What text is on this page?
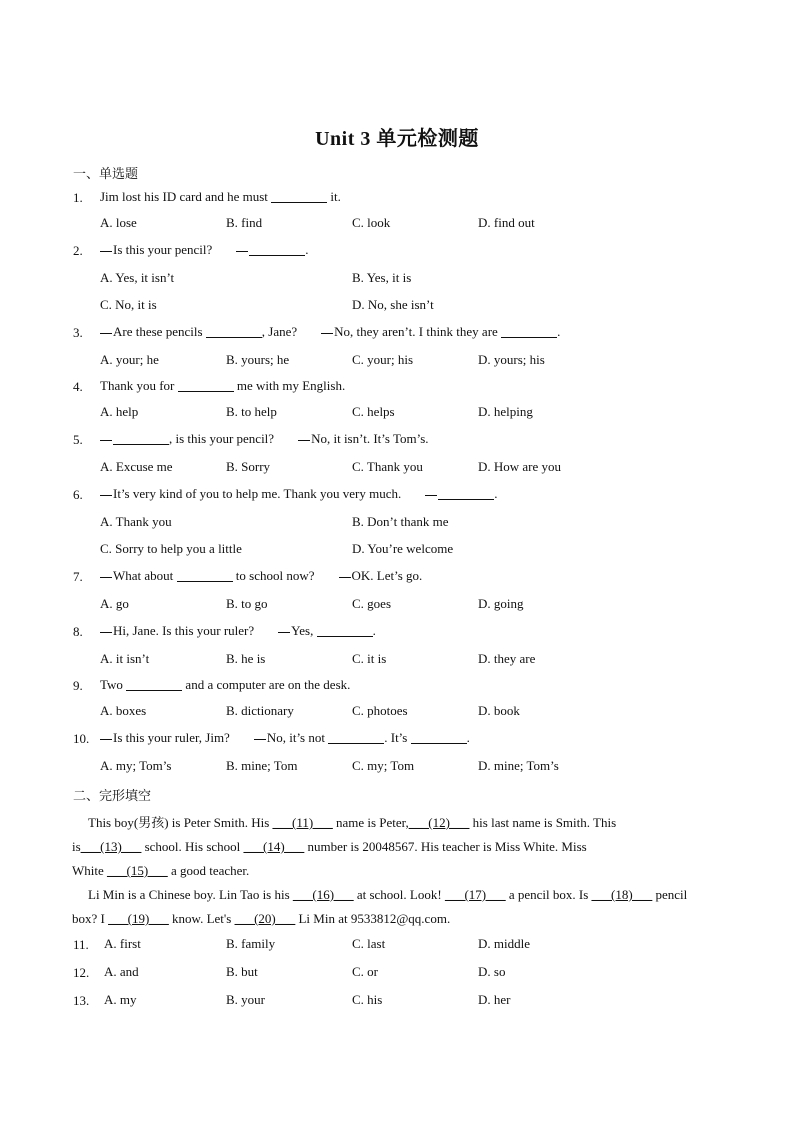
Unit 3 单元检测题
一、单选题
1. Jim lost his ID card and he must	it.
A. lose	B. find	C. look	D. find out
2.	Is this your pencil?	.
A. Yes, it isn’t	B. Yes, it is
C. No, it is	D. No, she isn’t
3.	Are these pencils	, Jane?	No, they aren’t. I think they are	.
A. your; he	B. yours; he	C. your; his	D. yours; his
4. Thank you for	me with my English.
A. help	B. to help	C. helps	D. helping
5.	, is this your pencil?	No, it isn’t. It’s Tom’s.
A. Excuse me	B. Sorry	C. Thank you	D. How are you
6.	It’s very kind of you to help me. Thank you very much.	.
A. Thank you	B. Don’t thank me
C. Sorry to help you a little	D. You’re welcome
7.	What about	to school now?	OK. Let’s go.
A. go	B. to go	C. goes	D. going
8.	Hi, Jane. Is this your ruler?	Yes,	.
A. it isn’t	B. he is	C. it is	D. they are
9. Two	and a computer are on the desk.
A. boxes	B. dictionary	C. photoes	D. book
10.	Is this your ruler, Jim?	No, it’s not	. It’s	.
A. my; Tom’s	B. mine; Tom	C. my; Tom	D. mine; Tom’s
二、完形填空
This boy(男孩) is Peter Smith. His ___(11)___ name is Peter,___(12)___ his last name is Smith. This
is___(13)___ school. His school ___(14)___ number is 20048567. His teacher is Miss White. Miss
White ___(15)___ a good teacher.
Li Min is a Chinese boy. Lin Tao is his ___(16)___ at school. Look! ___(17)___ a pencil box. Is ___(18)___ pencil
box? I ___(19)___ know. Let's ___(20)___ Li Min at 9533812@qq.com.
11. A. first	B. family	C. last	D. middle
12. A. and	B. but	C. or	D. so
13. A. my	B. your	C. his	D. her
